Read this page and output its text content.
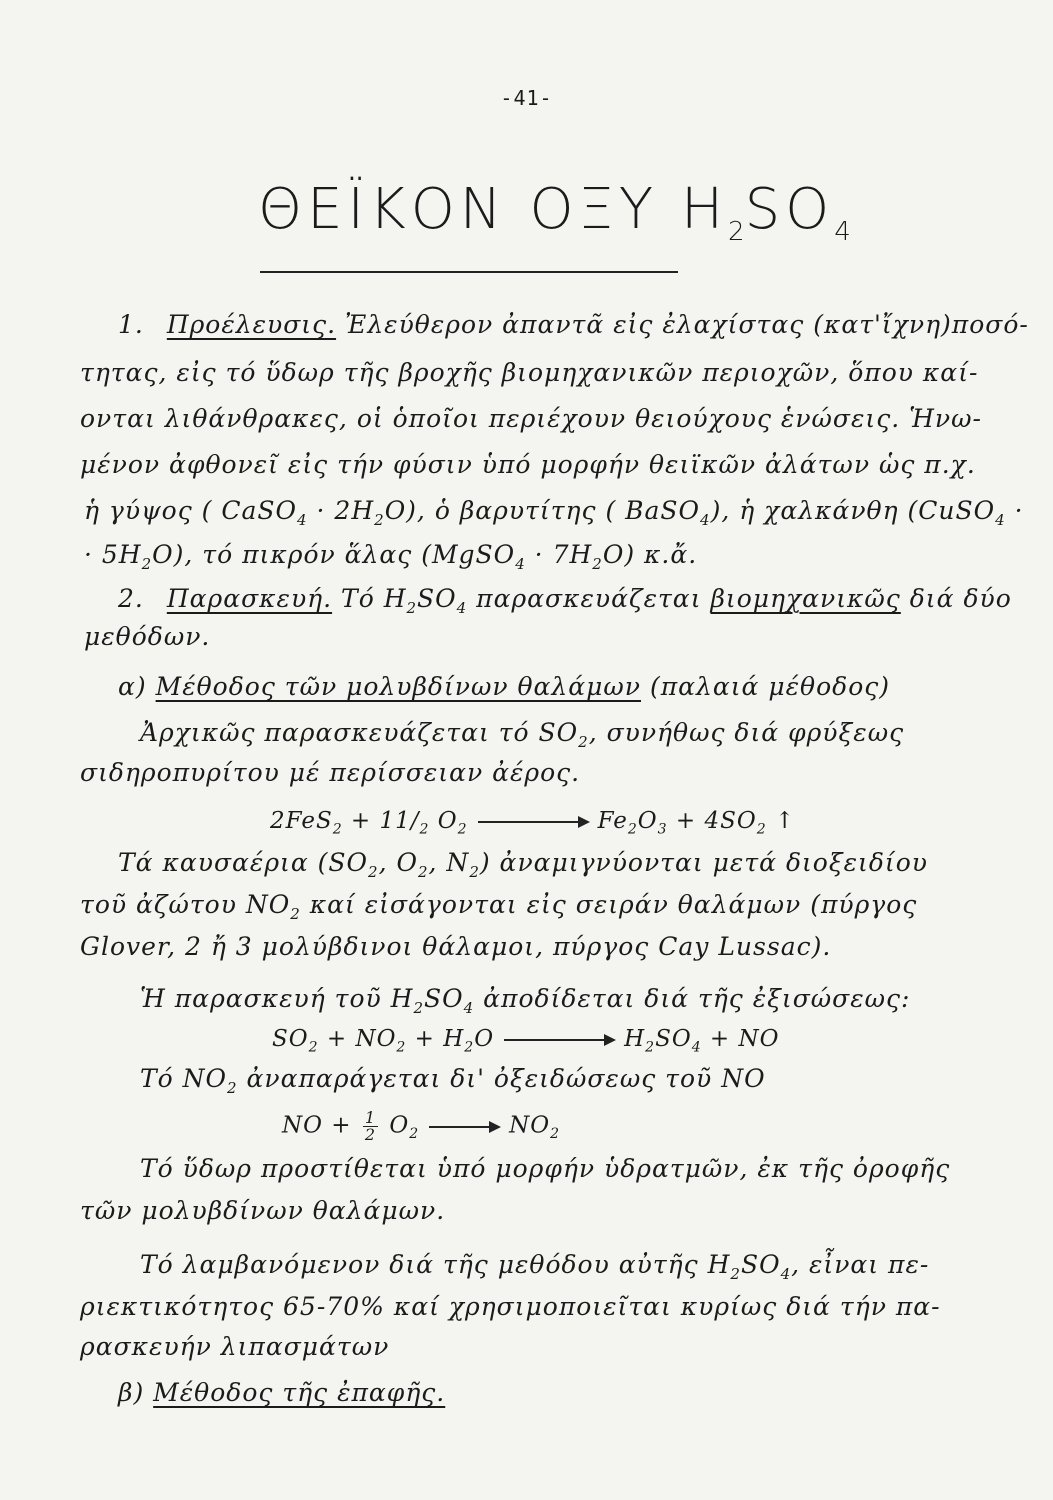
-41-
ΘΕΪΚΟΝ ΟΞΥ $H_2SO_4$
1. Προέλευσις. Ἐλεύθερον ἀπαντᾶ εἰς ἐλαχίστας (κατ'ἴχνη)ποσό-
τητας, εἰς τό ὕδωρ τῆς βροχῆς βιομηχανικῶν περιοχῶν, ὅπου καί-
ονται λιθάνθρακες, οἱ ὁποῖοι περιέχουν θειούχους ἑνώσεις. Ἡνω-
μένον ἀφθονεῖ εἰς τήν φύσιν ὑπό μορφήν θειϊκῶν ἀλάτων ὡς π.χ.
ἡ γύψος ( CaSO$_4$ · $2H_2O$), ὁ βαρυτίτης ( BaSO$_4$), ἡ χαλκάνθη (CuSO$_4$ ·
· $5H_2O$), τό πικρόν ἅλας (MgSO$_4$ · $7H_2O$) κ.ἄ.
2. Παρασκευή. Τό $H_2SO_4$ παρασκευάζεται βιομηχανικῶς διά δύο
μεθόδων.
α) Μέθοδος τῶν μολυβδίνων θαλάμων (παλαιά μέθοδος)
Ἀρχικῶς παρασκευάζεται τό $SO_2$, συνήθως διά φρύξεως
σιδηροπυρίτου μέ περίσσειαν ἀέρος.
$2FeS_2 + 11/_2$ $O_2$	$Fe_2O_3 + 4SO_2$ ↑
Τά καυσαέρια ($SO_2$, $O_2$, $N_2$) ἀναμιγνύονται μετά διοξειδίου
τοῦ ἀζώτου $NO_2$ καί εἰσάγονται εἰς σειράν θαλάμων (πύργος
Glover, 2 ἤ 3 μολύβδινοι θάλαμοι, πύργος Cay Lussac).
Ἡ παρασκευή τοῦ $H_2SO_4$ ἀποδίδεται διά τῆς ἐξισώσεως:
$SO_2 + NO_2 + H_2O$	$H_2SO_4$ + NO
Τό $NO_2$ ἀναπαράγεται δι' ὀξειδώσεως τοῦ NO
NO + $\frac{1}{2} O_2 \to NO_2$
Τό ὕδωρ προστίθεται ὑπό μορφήν ὑδρατμῶν, ἐκ τῆς ὀροφῆς
τῶν μολυβδίνων θαλάμων.
Τό λαμβανόμενον διά τῆς μεθόδου αὐτῆς $H_2SO_4$, εἶναι πε-
ριεκτικότητος 65-70% καί χρησιμοποιεῖται κυρίως διά τήν πα-
ρασκευήν λιπασμάτων
β) Μέθοδος τῆς ἐπαφῆς.
